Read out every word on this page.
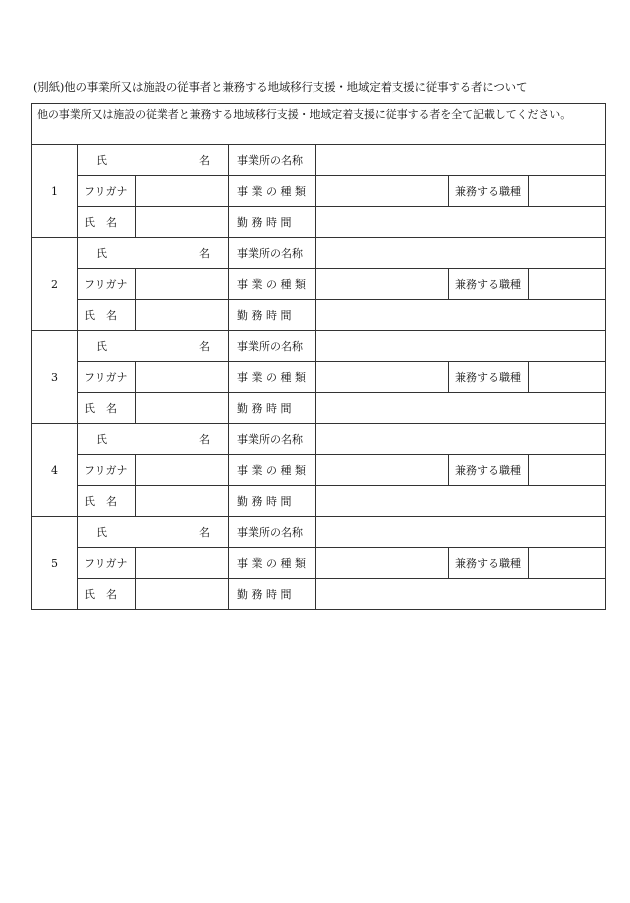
(別紙)他の事業所又は施設の従事者と兼務する地域移行支援・地域定着支援に従事する者について
他の事業所又は施設の従業者と兼務する地域移行支援・地域定着支援に従事する者を全て記載してください。						
1	氏 名		事業所の名称			
	フリガナ		事 業 の 種 類		兼務する職種	
	氏　名		勤 務 時 間			
2	氏 名		事業所の名称			
	フリガナ		事 業 の 種 類		兼務する職種	
	氏　名		勤 務 時 間			
3	氏 名		事業所の名称			
	フリガナ		事 業 の 種 類		兼務する職種	
	氏　名		勤 務 時 間			
4	氏 名		事業所の名称			
	フリガナ		事 業 の 種 類		兼務する職種	
	氏　名		勤 務 時 間			
5	氏 名		事業所の名称			
	フリガナ		事 業 の 種 類		兼務する職種	
	氏　名		勤 務 時 間			
